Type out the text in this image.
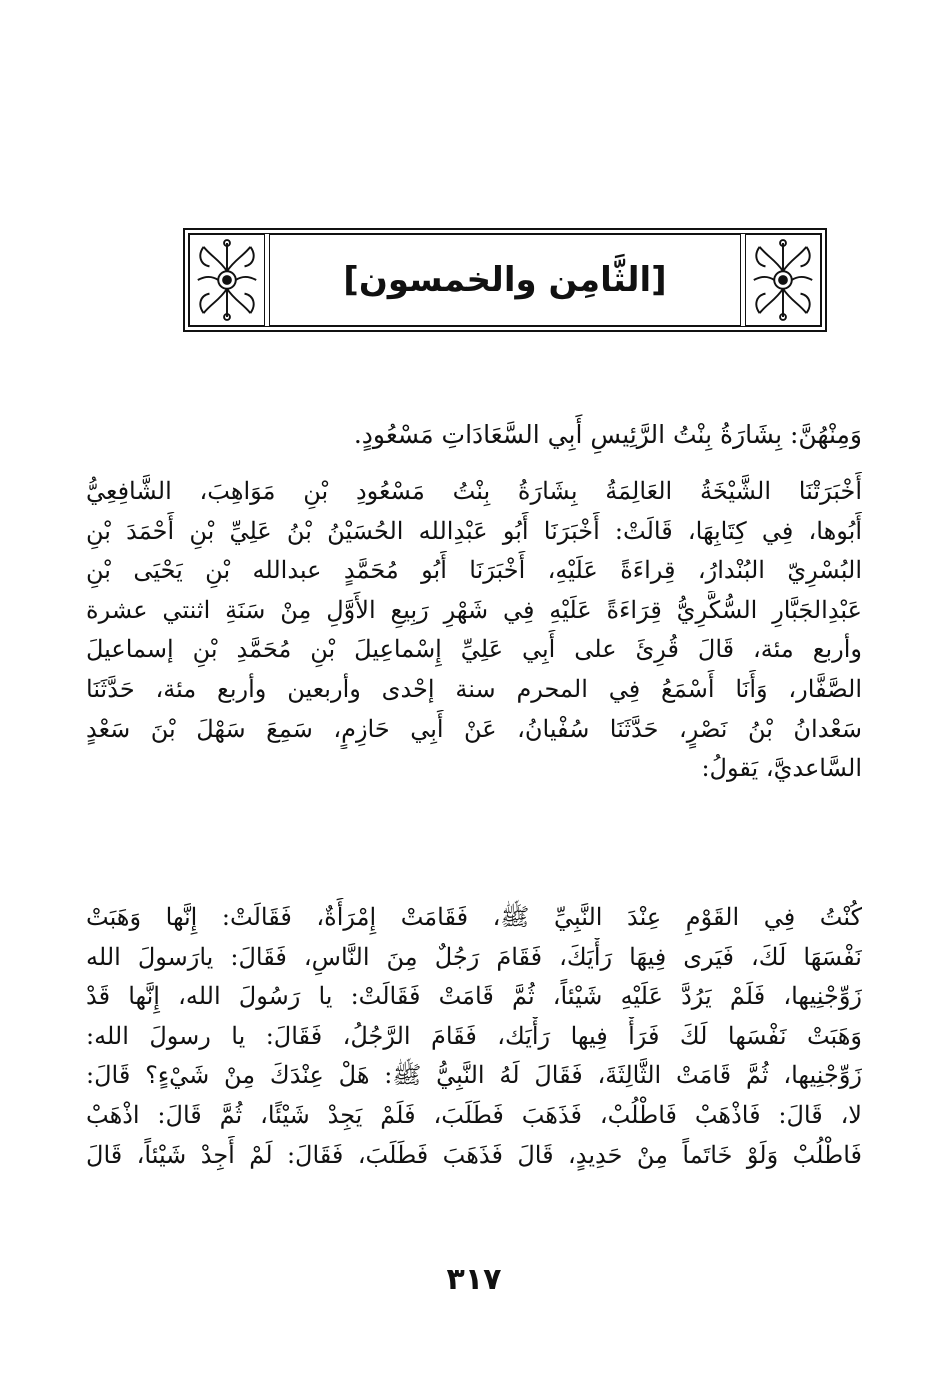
[الثَّامِن والخمسون]
وَمِنْهُنَّ: بِشَارَةُ بِنْتُ الرَّئِيسِ أَبِي السَّعَادَاتِ مَسْعُودٍ.
أَخْبَرَتْنَا الشَّيْخَةُ العَالِمَةُ بِشَارَةُ بِنْتُ مَسْعُودِ بْنِ مَوَاهِبَ، الشَّافِعِيُّ
أَبُوها، فِي كِتَابِهَا، قَالَتْ: أَخْبَرَنَا أَبُو عَبْدِالله الحُسَيْنُ بْنُ عَلِيِّ بْنِ أَحْمَدَ بْنِ
البُسْرِيّ البُنْدارُ، قِراءَةً عَلَيْهِ، أَخْبَرَنَا أَبُو مُحَمَّدٍ عبدالله بْنِ يَحْيَى بْنِ
عَبْدِالجَبَّارِ السُّكَّرِيُّ قِرَاءَةً عَلَيْهِ فِي شَهْرِ رَبِيعِ الأَوَّلِ مِنْ سَنَةِ اثنتي عشرة
وأربع مئة، قَالَ قُرِئَ على أَبِي عَلِيِّ إِسْماعِيلَ بْنِ مُحَمَّدِ بْنِ إسماعيلَ
الصَّفَّار، وَأَنَا أَسْمَعُ فِي المحرم سنة إحْدى وأربعين وأربع مئة، حَدَّثَنَا
سَعْدانُ بْنُ نَصْرٍ، حَدَّثَنَا سُفْيانُ، عَنْ أَبِي حَازِمٍ، سَمِعَ سَهْلَ بْنَ سَعْدٍ
السَّاعديَّ، يَقولُ:
كُنْتُ فِي القَوْمِ عِنْدَ النَّبِيِّ ﷺ، فَقَامَتْ إِمْرَأَةٌ، فَقَالَتْ: إِنَّها وَهَبَتْ
نَفْسَهَا لَكَ، فَيَرى فِيهَا رَأْيَكَ، فَقَامَ رَجُلٌ مِنَ النَّاسِ، فَقَالَ: يارَسولَ الله
زَوِّجْنِيها، فَلَمْ يَرُدَّ عَلَيْهِ شَيْئاً، ثُمَّ قَامَتْ فَقَالَتْ: يا رَسُولَ الله، إِنَّها قَدْ
وَهَبَتْ نَفْسَها لَكَ فَرَأْ فِيها رَأْيَك، فَقَامَ الرَّجُلُ، فَقَالَ: يا رسولَ الله:
زَوِّجْنِيها، ثُمَّ قَامَتْ الثَّالِثَةَ، فَقَالَ لَهُ النَّبِيُّ ﷺ: هَلْ عِنْدَكَ مِنْ شَيْءٍ؟ قَالَ:
لا، قَالَ: فَاذْهَبْ فَاطْلُبْ، فَذَهَبَ فَطَلَبَ، فَلَمْ يَجِدْ شَيْئًا، ثُمَّ قَالَ: اذْهَبْ
فَاطْلُبْ وَلَوْ خَاتَماً مِنْ حَدِيدٍ، قَالَ فَذَهَبَ فَطَلَبَ، فَقَالَ: لَمْ أَجِدْ شَيْئاً، قَالَ
٣١٧
